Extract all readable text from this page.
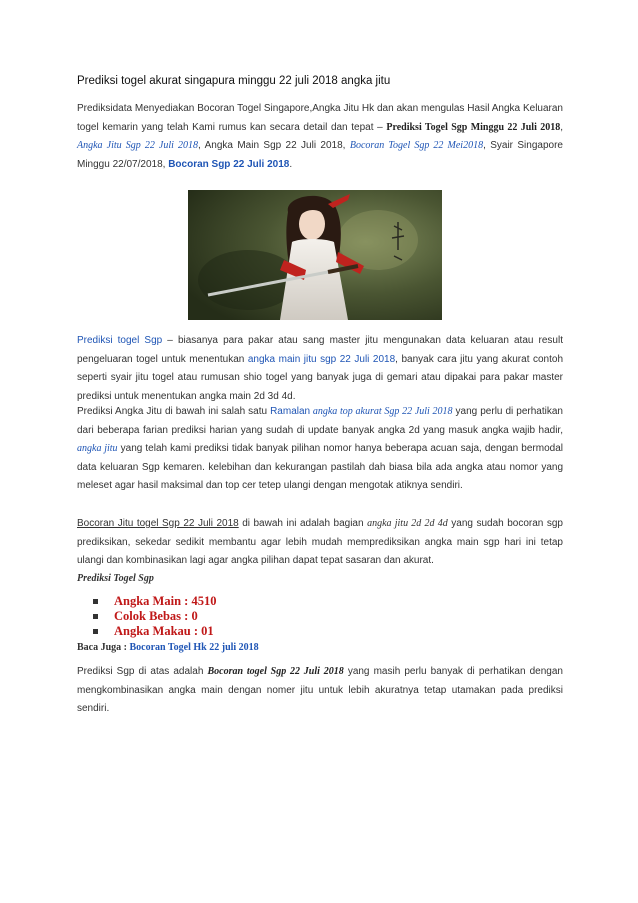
Prediksi togel akurat singapura minggu 22 juli 2018 angka jitu

Prediksidata Menyediakan Bocoran Togel Singapore,Angka Jitu Hk dan akan mengulas Hasil Angka Keluaran togel kemarin yang telah Kami rumus kan secara detail dan tepat – Prediksi Togel Sgp Minggu 22 Juli 2018, Angka Jitu Sgp 22 Juli 2018, Angka Main Sgp 22 Juli 2018, Bocoran Togel Sgp 22 Mei2018, Syair Singapore Minggu 22/07/2018, Bocoran Sgp 22 Juli 2018.

Prediksi togel Sgp – biasanya para pakar atau sang master jitu mengunakan data keluaran atau result pengeluaran togel untuk menentukan angka main jitu sgp 22 Juli 2018, banyak cara jitu yang akurat contoh seperti syair jitu togel atau rumusan shio togel yang banyak juga di gemari atau dipakai para pakar master prediksi untuk menentukan angka main 2d 3d 4d.

Prediksi Angka Jitu di bawah ini salah satu Ramalan angka top akurat Sgp 22 Juli 2018 yang perlu di perhatikan dari beberapa farian prediksi harian yang sudah di update banyak angka 2d yang masuk angka wajib hadir, angka jitu yang telah kami prediksi tidak banyak pilihan nomor hanya beberapa acuan saja, dengan bermodal data keluaran Sgp kemaren. kelebihan dan kekurangan pastilah dah biasa bila ada angka atau nomor yang meleset agar hasil maksimal dan top cer tetep ulangi dengan mengotak atiknya sendiri.

Bocoran Jitu togel Sgp 22 Juli 2018 di bawah ini adalah bagian angka jitu 2d 2d 4d yang sudah bocoran sgp prediksikan, sekedar sedikit membantu agar lebih mudah memprediksikan angka main sgp hari ini tetap ulangi dan kombinasikan lagi agar angka pilihan dapat tepat sasaran dan akurat.

Prediksi Togel Sgp
Angka Main : 4510
Colok Bebas : 0
Angka Makau : 01
Baca Juga : Bocoran Togel Hk 22 juli 2018

Prediksi Sgp di atas adalah Bocoran togel Sgp 22 Juli 2018 yang masih perlu banyak di perhatikan dengan mengkombinasikan angka main dengan nomer jitu untuk lebih akuratnya tetap utamakan pada prediksi sendiri.
